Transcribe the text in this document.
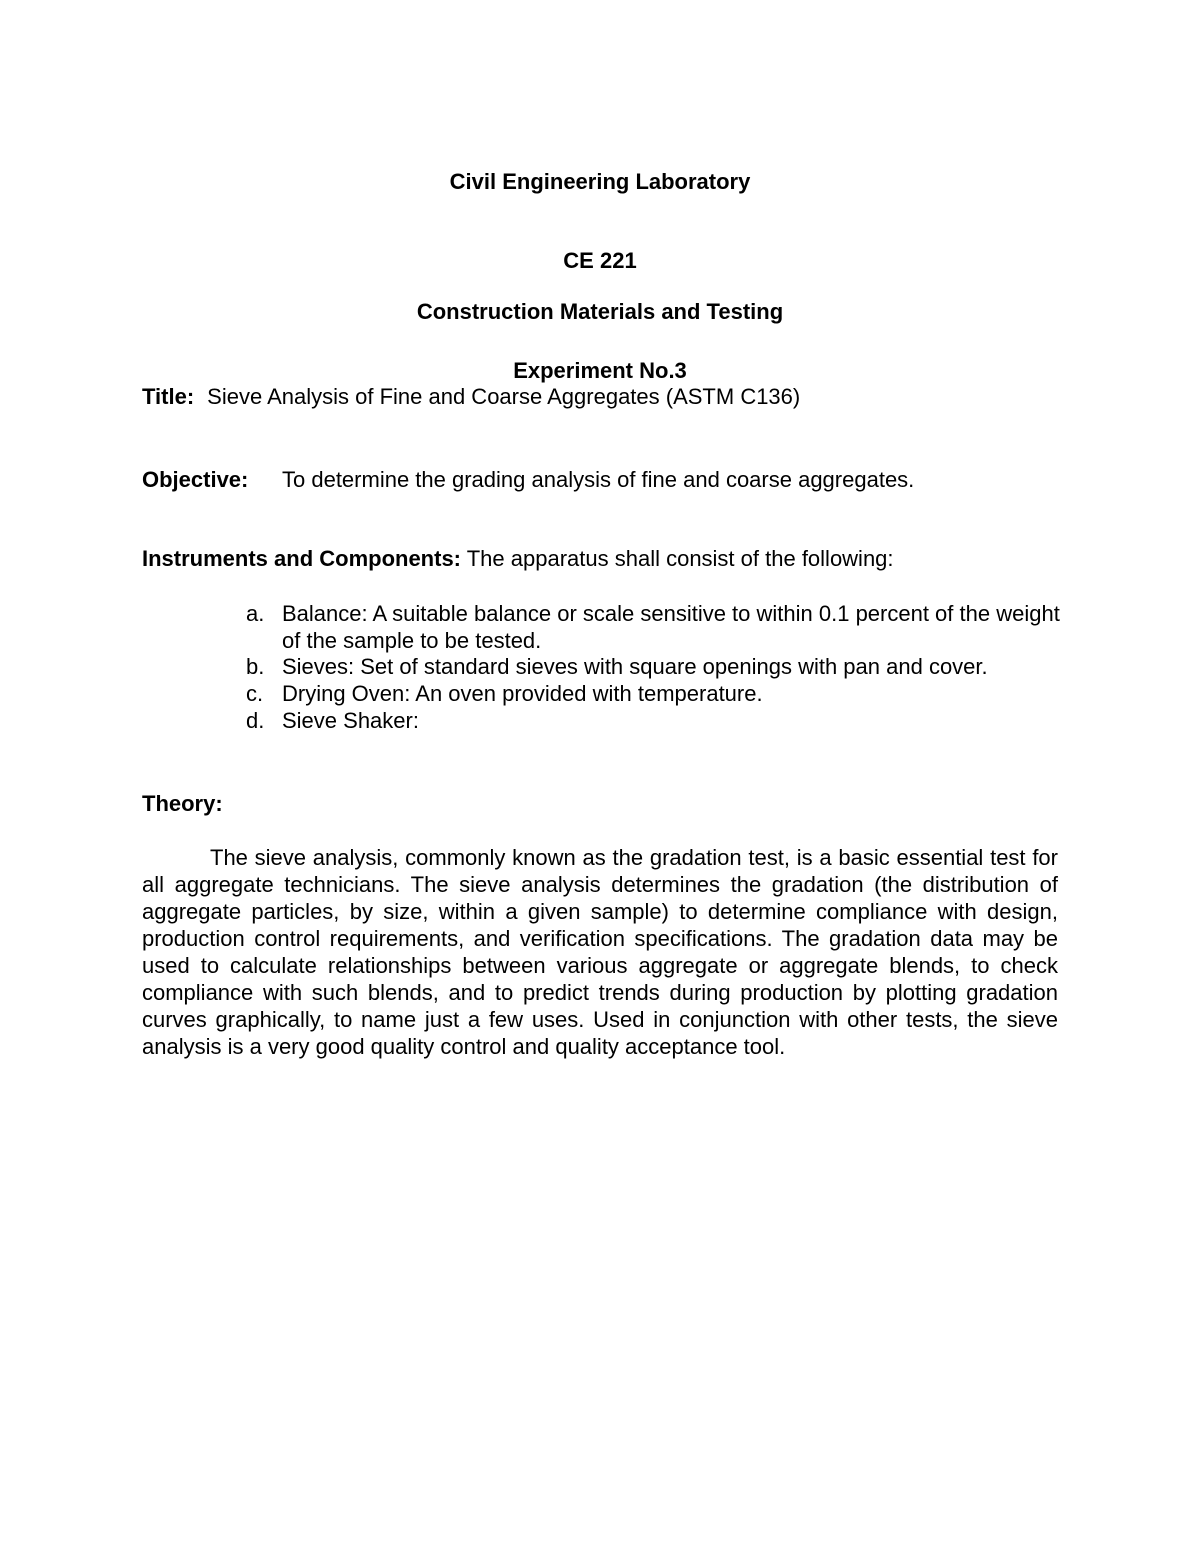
Civil Engineering Laboratory

CE 221

Construction Materials and Testing

Experiment No.3

Title: Sieve Analysis of Fine and Coarse Aggregates (ASTM C136)

Objective: To determine the grading analysis of fine and coarse aggregates.

Instruments and Components: The apparatus shall consist of the following:

a. Balance: A suitable balance or scale sensitive to within 0.1 percent of the weight of the sample to be tested.
b. Sieves: Set of standard sieves with square openings with pan and cover.
c. Drying Oven: An oven provided with temperature.
d. Sieve Shaker:

Theory:

The sieve analysis, commonly known as the gradation test, is a basic essential test for all aggregate technicians. The sieve analysis determines the gradation (the distribution of aggregate particles, by size, within a given sample) to determine compliance with design, production control requirements, and verification specifications. The gradation data may be used to calculate relationships between various aggregate or aggregate blends, to check compliance with such blends, and to predict trends during production by plotting gradation curves graphically, to name just a few uses. Used in conjunction with other tests, the sieve analysis is a very good quality control and quality acceptance tool.
